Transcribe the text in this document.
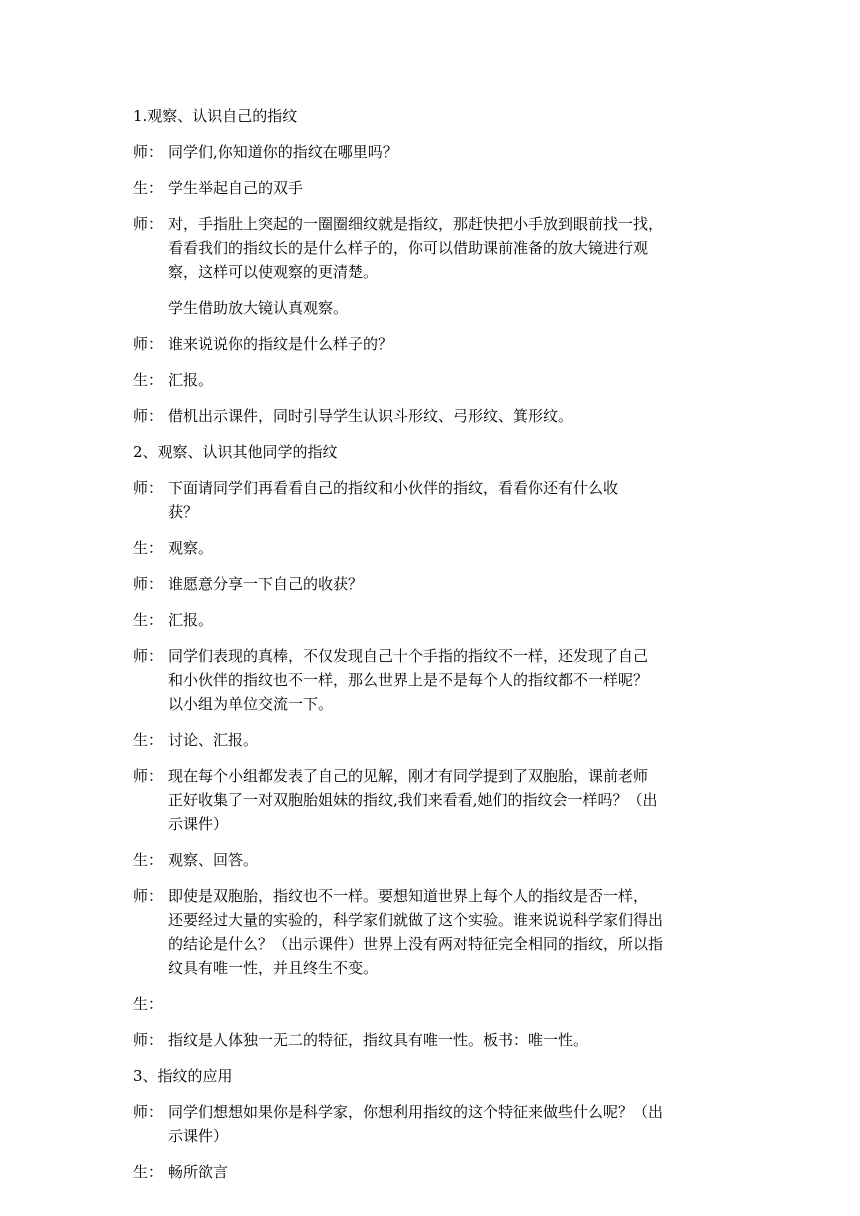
1.观察、认识自己的指纹

师： 同学们,你知道你的指纹在哪里吗？
生： 学生举起自己的双手
师： 对，手指肚上突起的一圈圈细纹就是指纹，那赶快把小手放到眼前找一找，
看看我们的指纹长的是什么样子的，你可以借助课前准备的放大镜进行观
察，这样可以使观察的更清楚。

学生借助放大镜认真观察。

师： 谁来说说你的指纹是什么样子的？
生： 汇报。
师： 借机出示课件，同时引导学生认识斗形纹、弓形纹、箕形纹。

2、观察、认识其他同学的指纹

师： 下面请同学们再看看自己的指纹和小伙伴的指纹，看看你还有什么收
获？
生： 观察。
师： 谁愿意分享一下自己的收获？
生： 汇报。
师： 同学们表现的真棒，不仅发现自己十个手指的指纹不一样，还发现了自己
和小伙伴的指纹也不一样，那么世界上是不是每个人的指纹都不一样呢？
以小组为单位交流一下。
生： 讨论、汇报。
师： 现在每个小组都发表了自己的见解，刚才有同学提到了双胞胎，课前老师
正好收集了一对双胞胎姐妹的指纹,我们来看看,她们的指纹会一样吗？（出
示课件）
生： 观察、回答。
师： 即使是双胞胎，指纹也不一样。要想知道世界上每个人的指纹是否一样，
还要经过大量的实验的，科学家们就做了这个实验。谁来说说科学家们得出
的结论是什么？（出示课件）世界上没有两对特征完全相同的指纹，所以指
纹具有唯一性，并且终生不变。
生：
师： 指纹是人体独一无二的特征，指纹具有唯一性。板书：唯一性。

3、指纹的应用

师： 同学们想想如果你是科学家，你想利用指纹的这个特征来做些什么呢？（出
示课件）
生： 畅所欲言
